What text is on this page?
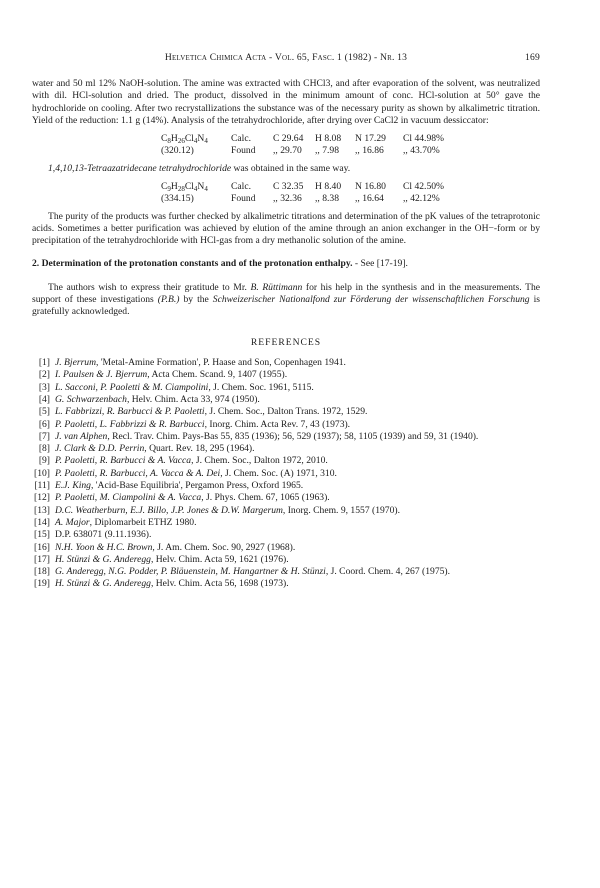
Helvetica Chimica Acta - Vol. 65, Fasc. 1 (1982) - Nr. 13	169

water and 50 ml 12% NaOH-solution. The amine was extracted with CHCl3, and after evaporation of the solvent, was neutralized with dil. HCl-solution and dried. The product, dissolved in the minimum amount of conc. HCl-solution at 50° gave the hydrochloride on cooling. After two recrystallizations the substance was of the necessary purity as shown by alkalimetric titration. Yield of the reduction: 1.1 g (14%). Analysis of the tetrahydrochloride, after drying over CaCl2 in vacuum dessiccator:

$C_8H_{26}Cl_4N_4$	Calc.	C 29.64	H 8.08	N 17.29	Cl 44.98%
(320.12)	Found	,, 29.70	,, 7.98	,, 16.86	,, 43.70%

1,4,10,13-Tetraazatridecane tetrahydrochloride was obtained in the same way.

$C_9H_{28}Cl_4N_4$	Calc.	C 32.35	H 8.40	N 16.80	Cl 42.50%
(334.15)	Found	,, 32.36	,, 8.38	,, 16.64	,, 42.12%

The purity of the products was further checked by alkalimetric titrations and determination of the pK values of the tetraprotonic acids. Sometimes a better purification was achieved by elution of the amine through an anion exchanger in the OH−-form or by precipitation of the tetrahydrochloride with HCl-gas from a dry methanolic solution of the amine.

2. Determination of the protonation constants and of the protonation enthalpy. - See [17-19].

The authors wish to express their gratitude to Mr. B. Rüttimann for his help in the synthesis and in the measurements. The support of these investigations (P.B.) by the Schweizerischer Nationalfond zur Förderung der wissenschaftlichen Forschung is gratefully acknowledged.

REFERENCES
[1] J. Bjerrum, 'Metal-Amine Formation', P. Haase and Son, Copenhagen 1941.
[2] I. Paulsen & J. Bjerrum, Acta Chem. Scand. 9, 1407 (1955).
[3] L. Sacconi, P. Paoletti & M. Ciampolini, J. Chem. Soc. 1961, 5115.
[4] G. Schwarzenbach, Helv. Chim. Acta 33, 974 (1950).
[5] L. Fabbrizzi, R. Barbucci & P. Paoletti, J. Chem. Soc., Dalton Trans. 1972, 1529.
[6] P. Paoletti, L. Fabbrizzi & R. Barbucci, Inorg. Chim. Acta Rev. 7, 43 (1973).
[7] J. van Alphen, Recl. Trav. Chim. Pays-Bas 55, 835 (1936); 56, 529 (1937); 58, 1105 (1939) and 59, 31 (1940).
[8] J. Clark & D.D. Perrin, Quart. Rev. 18, 295 (1964).
[9] P. Paoletti, R. Barbucci & A. Vacca, J. Chem. Soc., Dalton 1972, 2010.
[10] P. Paoletti, R. Barbucci, A. Vacca & A. Dei, J. Chem. Soc. (A) 1971, 310.
[11] E.J. King, 'Acid-Base Equilibria', Pergamon Press, Oxford 1965.
[12] P. Paoletti, M. Ciampolini & A. Vacca, J. Phys. Chem. 67, 1065 (1963).
[13] D.C. Weatherburn, E.J. Billo, J.P. Jones & D.W. Margerum, Inorg. Chem. 9, 1557 (1970).
[14] A. Major, Diplomarbeit ETHZ 1980.
[15] D.P. 638071 (9.11.1936).
[16] N.H. Yoon & H.C. Brown, J. Am. Chem. Soc. 90, 2927 (1968).
[17] H. Stünzi & G. Anderegg, Helv. Chim. Acta 59, 1621 (1976).
[18] G. Anderegg, N.G. Podder, P. Bläuenstein, M. Hangartner & H. Stünzi, J. Coord. Chem. 4, 267 (1975).
[19] H. Stünzi & G. Anderegg, Helv. Chim. Acta 56, 1698 (1973).
